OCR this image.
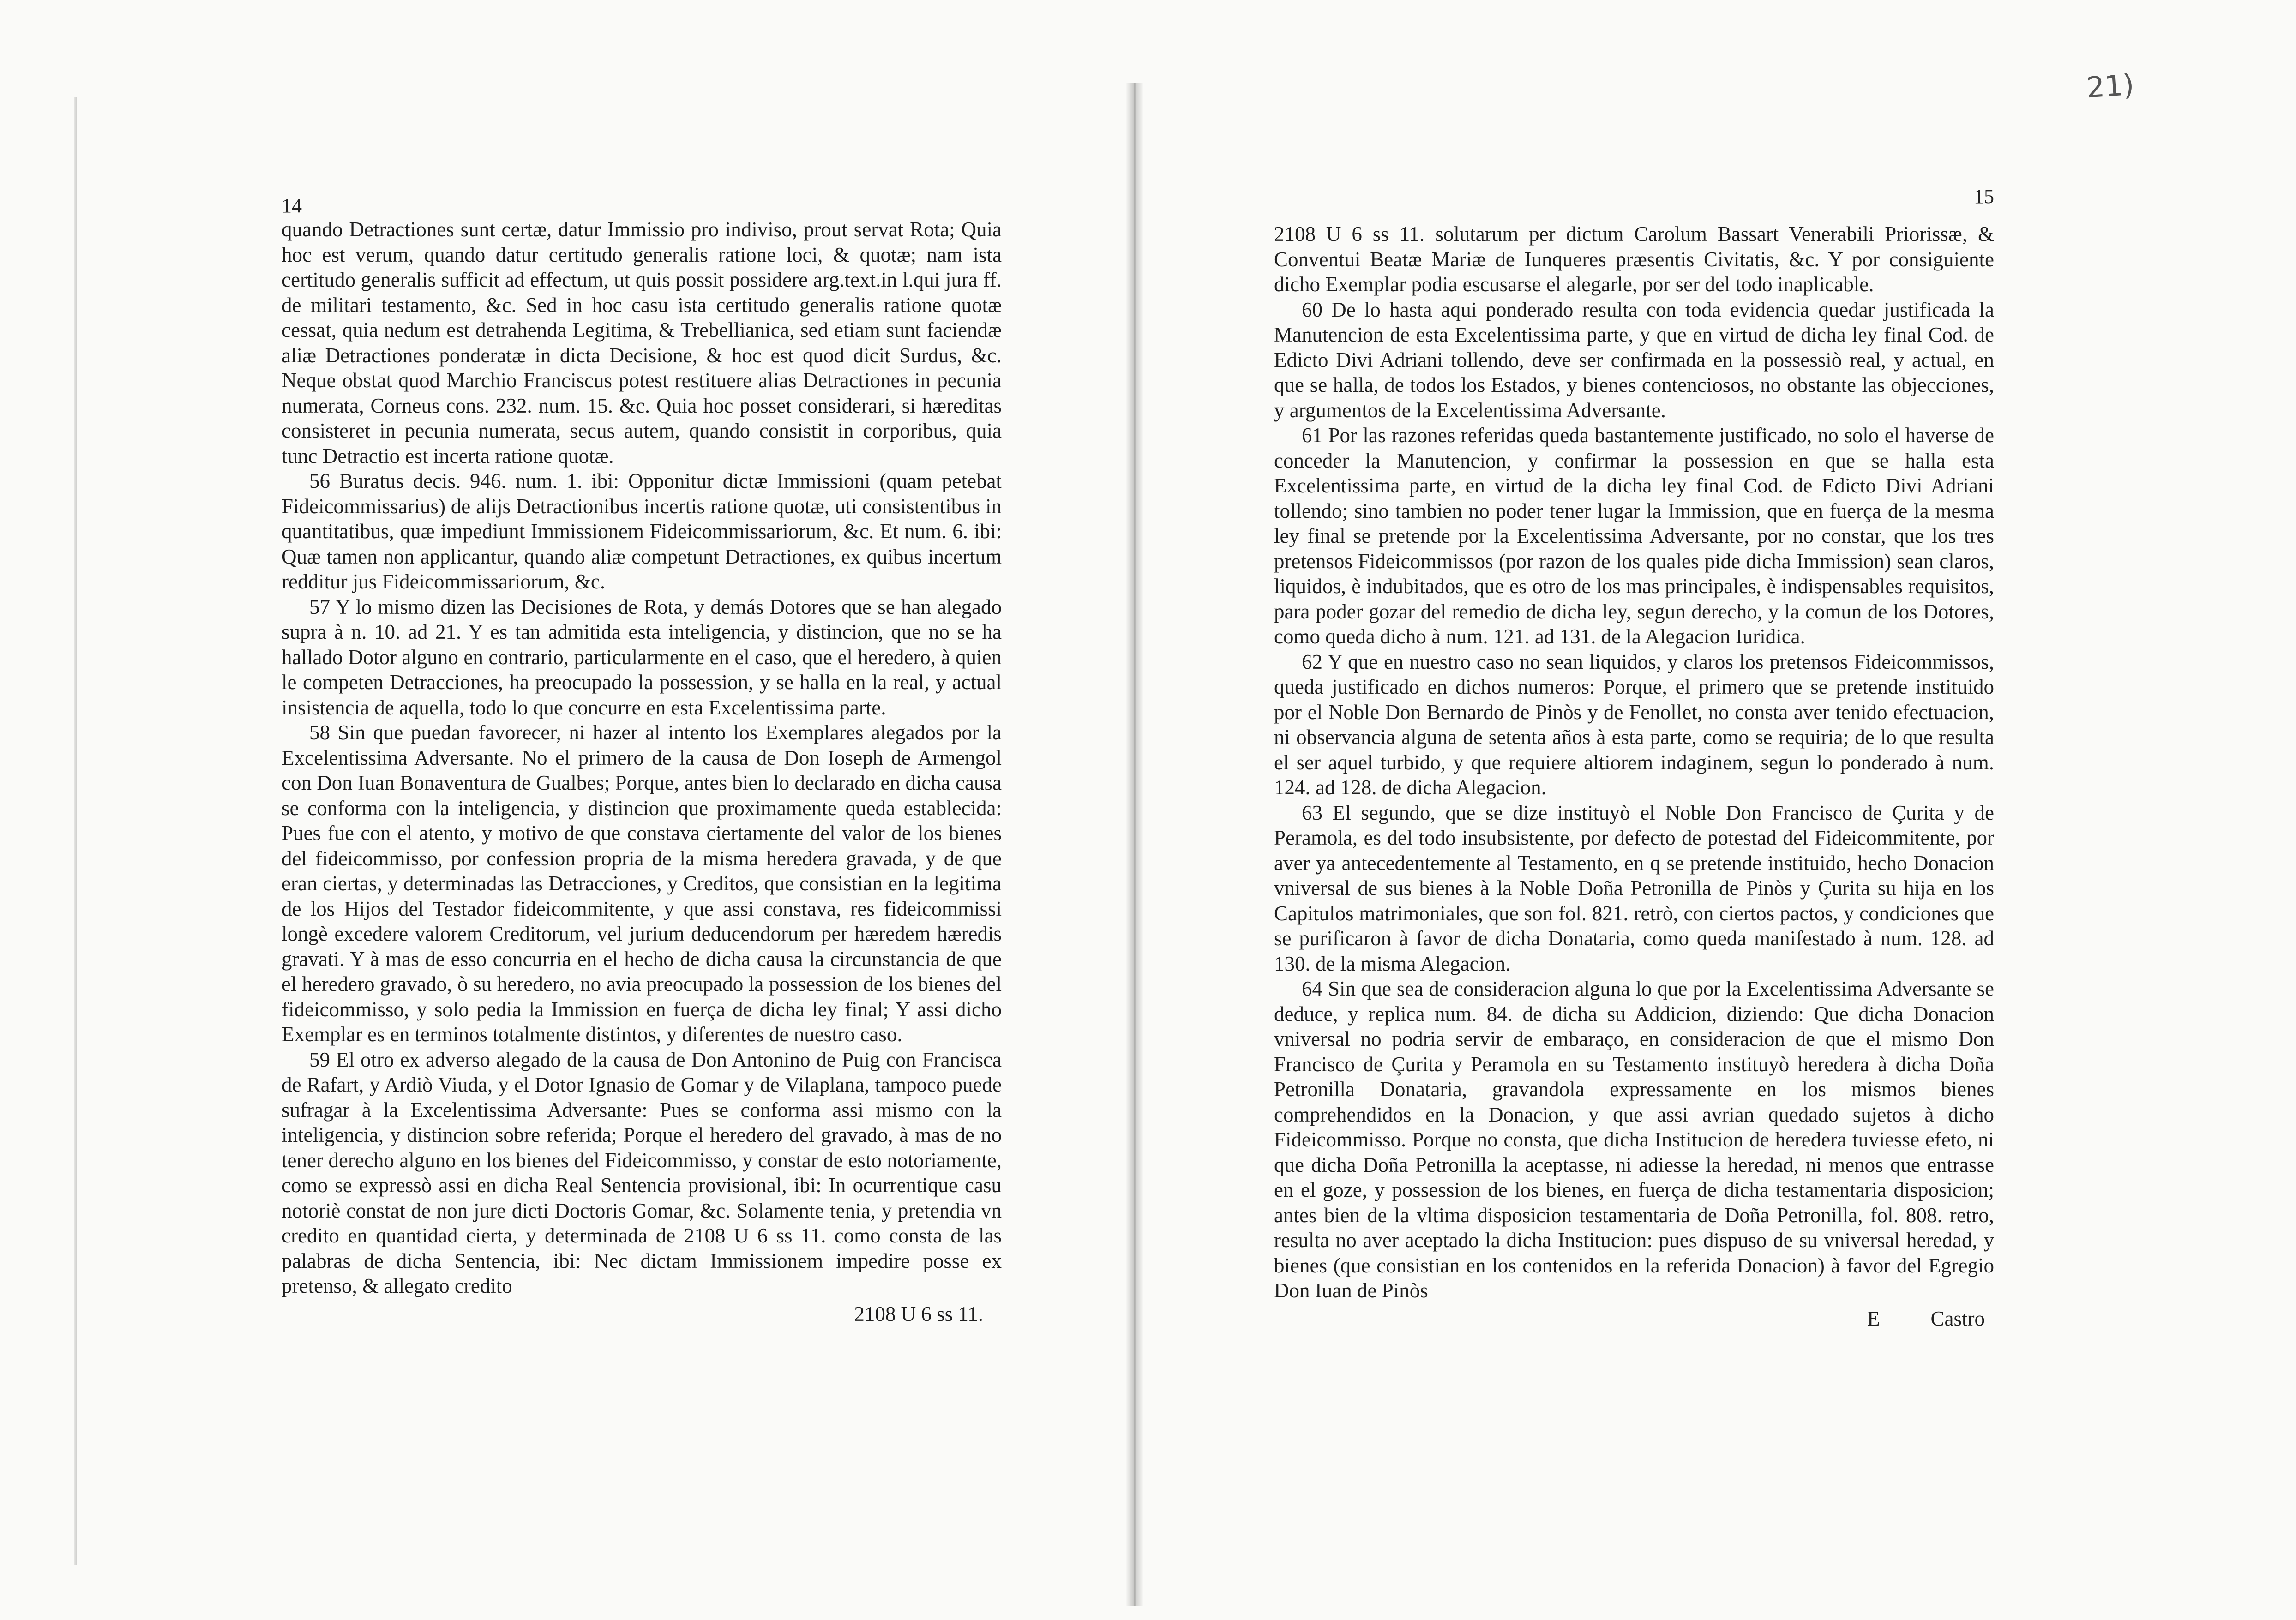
21)
14

quando Detractiones sunt certæ, datur Immissio pro indiviso, prout servat Rota; Quia hoc est verum, quando datur certitudo generalis ratione loci, & quotæ; nam ista certitudo generalis sufficit ad effectum, ut quis possit possidere arg.text.in l.qui jura ff. de militari testamento, &c. Sed in hoc casu ista certitudo generalis ratione quotæ cessat, quia nedum est detrahenda Legitima, & Trebellianica, sed etiam sunt faciendæ aliæ Detractiones ponderatæ in dicta Decisione, & hoc est quod dicit Surdus, &c. Neque obstat quod Marchio Franciscus potest restituere alias Detractiones in pecunia numerata, Corneus cons. 232. num. 15. &c. Quia hoc posset considerari, si hæreditas consisteret in pecunia numerata, secus autem, quando consistit in corporibus, quia tunc Detractio est incerta ratione quotæ.

56 Buratus decis. 946. num. 1. ibi: Opponitur dictæ Immissioni (quam petebat Fideicommissarius) de alijs Detractionibus incertis ratione quotæ, uti consistentibus in quantitatibus, quæ impediunt Immissionem Fideicommissariorum, &c. Et num. 6. ibi: Quæ tamen non applicantur, quando aliæ competunt Detractiones, ex quibus incertum redditur jus Fideicommissariorum, &c.

57 Y lo mismo dizen las Decisiones de Rota, y demás Dotores que se han alegado supra à n. 10. ad 21. Y es tan admitida esta inteligencia, y distincion, que no se ha hallado Dotor alguno en contrario, particularmente en el caso, que el heredero, à quien le competen Detracciones, ha preocupado la possession, y se halla en la real, y actual insistencia de aquella, todo lo que concurre en esta Excelentissima parte.

58 Sin que puedan favorecer, ni hazer al intento los Exemplares alegados por la Excelentissima Adversante. No el primero de la causa de Don Ioseph de Armengol con Don Iuan Bonaventura de Gualbes; Porque, antes bien lo declarado en dicha causa se conforma con la inteligencia, y distincion que proximamente queda establecida: Pues fue con el atento, y motivo de que constava ciertamente del valor de los bienes del fideicommisso, por confession propria de la misma heredera gravada, y de que eran ciertas, y determinadas las Detracciones, y Creditos, que consistian en la legitima de los Hijos del Testador fideicommitente, y que assi constava, res fideicommissi longè excedere valorem Creditorum, vel jurium deducendorum per hæredem hæredis gravati. Y à mas de esso concurria en el hecho de dicha causa la circunstancia de que el heredero gravado, ò su heredero, no avia preocupado la possession de los bienes del fideicommisso, y solo pedia la Immission en fuerça de dicha ley final; Y assi dicho Exemplar es en terminos totalmente distintos, y diferentes de nuestro caso.

59 El otro ex adverso alegado de la causa de Don Antonino de Puig con Francisca de Rafart, y Ardiò Viuda, y el Dotor Ignasio de Gomar y de Vilaplana, tampoco puede sufragar à la Excelentissima Adversante: Pues se conforma assi mismo con la inteligencia, y distincion sobre referida; Porque el heredero del gravado, à mas de no tener derecho alguno en los bienes del Fideicommisso, y constar de esto notoriamente, como se expressò assi en dicha Real Sentencia provisional, ibi: In ocurrentique casu notoriè constat de non jure dicti Doctoris Gomar, &c. Solamente tenia, y pretendia vn credito en quantidad cierta, y determinada de 2108 U 6 ss 11. como consta de las palabras de dicha Sentencia, ibi: Nec dictam Immissionem impedire posse ex pretenso, & allegato credito

2108 U 6 ss 11.
15

2108 U 6 ss 11. solutarum per dictum Carolum Bassart Venerabili Priorissæ, & Conventui Beatæ Mariæ de Iunqueres præsentis Civitatis, &c. Y por consiguiente dicho Exemplar podia escusarse el alegarle, por ser del todo inaplicable.

60 De lo hasta aqui ponderado resulta con toda evidencia quedar justificada la Manutencion de esta Excelentissima parte, y que en virtud de dicha ley final Cod. de Edicto Divi Adriani tollendo, deve ser confirmada en la possessiò real, y actual, en que se halla, de todos los Estados, y bienes contenciosos, no obstante las objecciones, y argumentos de la Excelentissima Adversante.

61 Por las razones referidas queda bastantemente justificado, no solo el haverse de conceder la Manutencion, y confirmar la possession en que se halla esta Excelentissima parte, en virtud de la dicha ley final Cod. de Edicto Divi Adriani tollendo; sino tambien no poder tener lugar la Immission, que en fuerça de la mesma ley final se pretende por la Excelentissima Adversante, por no constar, que los tres pretensos Fideicommissos (por razon de los quales pide dicha Immission) sean claros, liquidos, è indubitados, que es otro de los mas principales, è indispensables requisitos, para poder gozar del remedio de dicha ley, segun derecho, y la comun de los Dotores, como queda dicho à num. 121. ad 131. de la Alegacion Iuridica.

62 Y que en nuestro caso no sean liquidos, y claros los pretensos Fideicommissos, queda justificado en dichos numeros: Porque, el primero que se pretende instituido por el Noble Don Bernardo de Pinòs y de Fenollet, no consta aver tenido efectuacion, ni observancia alguna de setenta años à esta parte, como se requiria; de lo que resulta el ser aquel turbido, y que requiere altiorem indaginem, segun lo ponderado à num. 124. ad 128. de dicha Alegacion.

63 El segundo, que se dize instituyò el Noble Don Francisco de Çurita y de Peramola, es del todo insubsistente, por defecto de potestad del Fideicommitente, por aver ya antecedentemente al Testamento, en q se pretende instituido, hecho Donacion vniversal de sus bienes à la Noble Doña Petronilla de Pinòs y Çurita su hija en los Capitulos matrimoniales, que son fol. 821. retrò, con ciertos pactos, y condiciones que se purificaron à favor de dicha Donataria, como queda manifestado à num. 128. ad 130. de la misma Alegacion.

64 Sin que sea de consideracion alguna lo que por la Excelentissima Adversante se deduce, y replica num. 84. de dicha su Addicion, diziendo: Que dicha Donacion vniversal no podria servir de embaraço, en consideracion de que el mismo Don Francisco de Çurita y Peramola en su Testamento instituyò heredera à dicha Doña Petronilla Donataria, gravandola expressamente en los mismos bienes comprehendidos en la Donacion, y que assi avrian quedado sujetos à dicho Fideicommisso. Porque no consta, que dicha Institucion de heredera tuviesse efeto, ni que dicha Doña Petronilla la aceptasse, ni adiesse la heredad, ni menos que entrasse en el goze, y possession de los bienes, en fuerça de dicha testamentaria disposicion; antes bien de la vltima disposicion testamentaria de Doña Petronilla, fol. 808. retro, resulta no aver aceptado la dicha Institucion: pues dispuso de su vniversal heredad, y bienes (que consistian en los contenidos en la referida Donacion) à favor del Egregio Don Iuan de Pinòs

E Castro
